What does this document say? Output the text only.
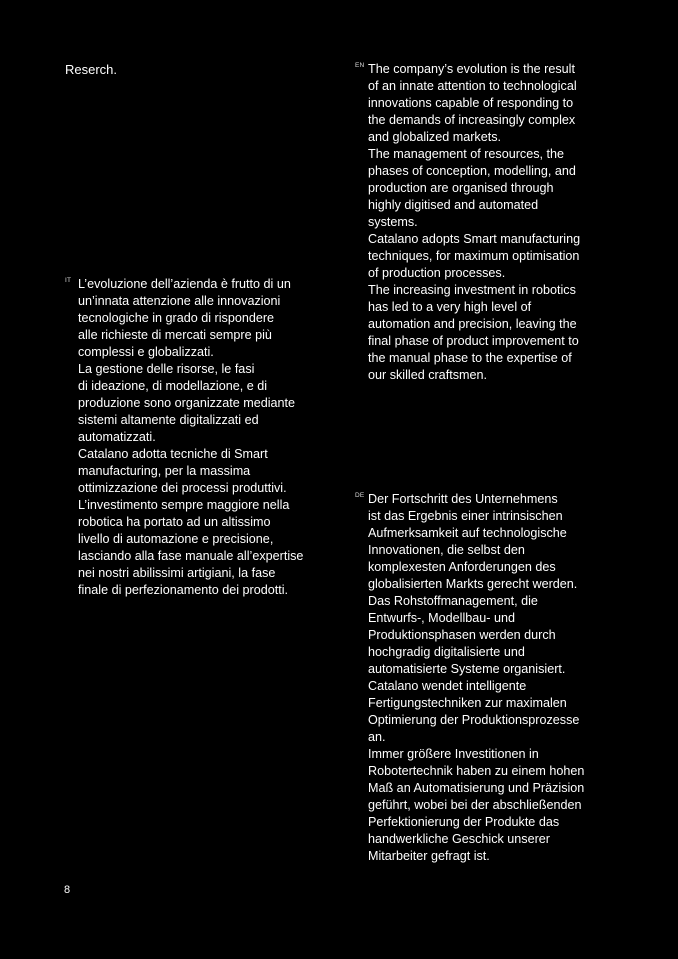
Reserch.
IT L’evoluzione dell’azienda è frutto di un
un’innata attenzione alle innovazioni
tecnologiche in grado di rispondere
alle richieste di mercati sempre più
complessi e globalizzati.
La gestione delle risorse, le fasi
di ideazione, di modellazione, e di
produzione sono organizzate mediante
sistemi altamente digitalizzati ed
automatizzati.
Catalano adotta tecniche di Smart
manufacturing, per la massima
ottimizzazione dei processi produttivi.
L’investimento sempre maggiore nella
robotica ha portato ad un altissimo
livello di automazione e precisione,
lasciando alla fase manuale all’expertise
nei nostri abilissimi artigiani, la fase
finale di perfezionamento dei prodotti.
EN The company’s evolution is the result
of an innate attention to technological
innovations capable of responding to
the demands of increasingly complex
and globalized markets.
The management of resources, the
phases of conception, modelling, and
production are organised through
highly digitised and automated
systems.
Catalano adopts Smart manufacturing
techniques, for maximum optimisation
of production processes.
The increasing investment in robotics
has led to a very high level of
automation and precision, leaving the
final phase of product improvement to
the manual phase to the expertise of
our skilled craftsmen.
DE Der Fortschritt des Unternehmens
ist das Ergebnis einer intrinsischen
Aufmerksamkeit auf technologische
Innovationen, die selbst den
komplexesten Anforderungen des
globalisierten Markts gerecht werden.
Das Rohstoffmanagement, die
Entwurfs-, Modellbau- und
Produktionsphasen werden durch
hochgradig digitalisierte und
automatisierte Systeme organisiert.
Catalano wendet intelligente
Fertigungstechniken zur maximalen
Optimierung der Produktionsprozesse
an.
Immer größere Investitionen in
Robotertechnik haben zu einem hohen
Maß an Automatisierung und Präzision
geführt, wobei bei der abschließenden
Perfektionierung der Produkte das
handwerkliche Geschick unserer
Mitarbeiter gefragt ist.
8
